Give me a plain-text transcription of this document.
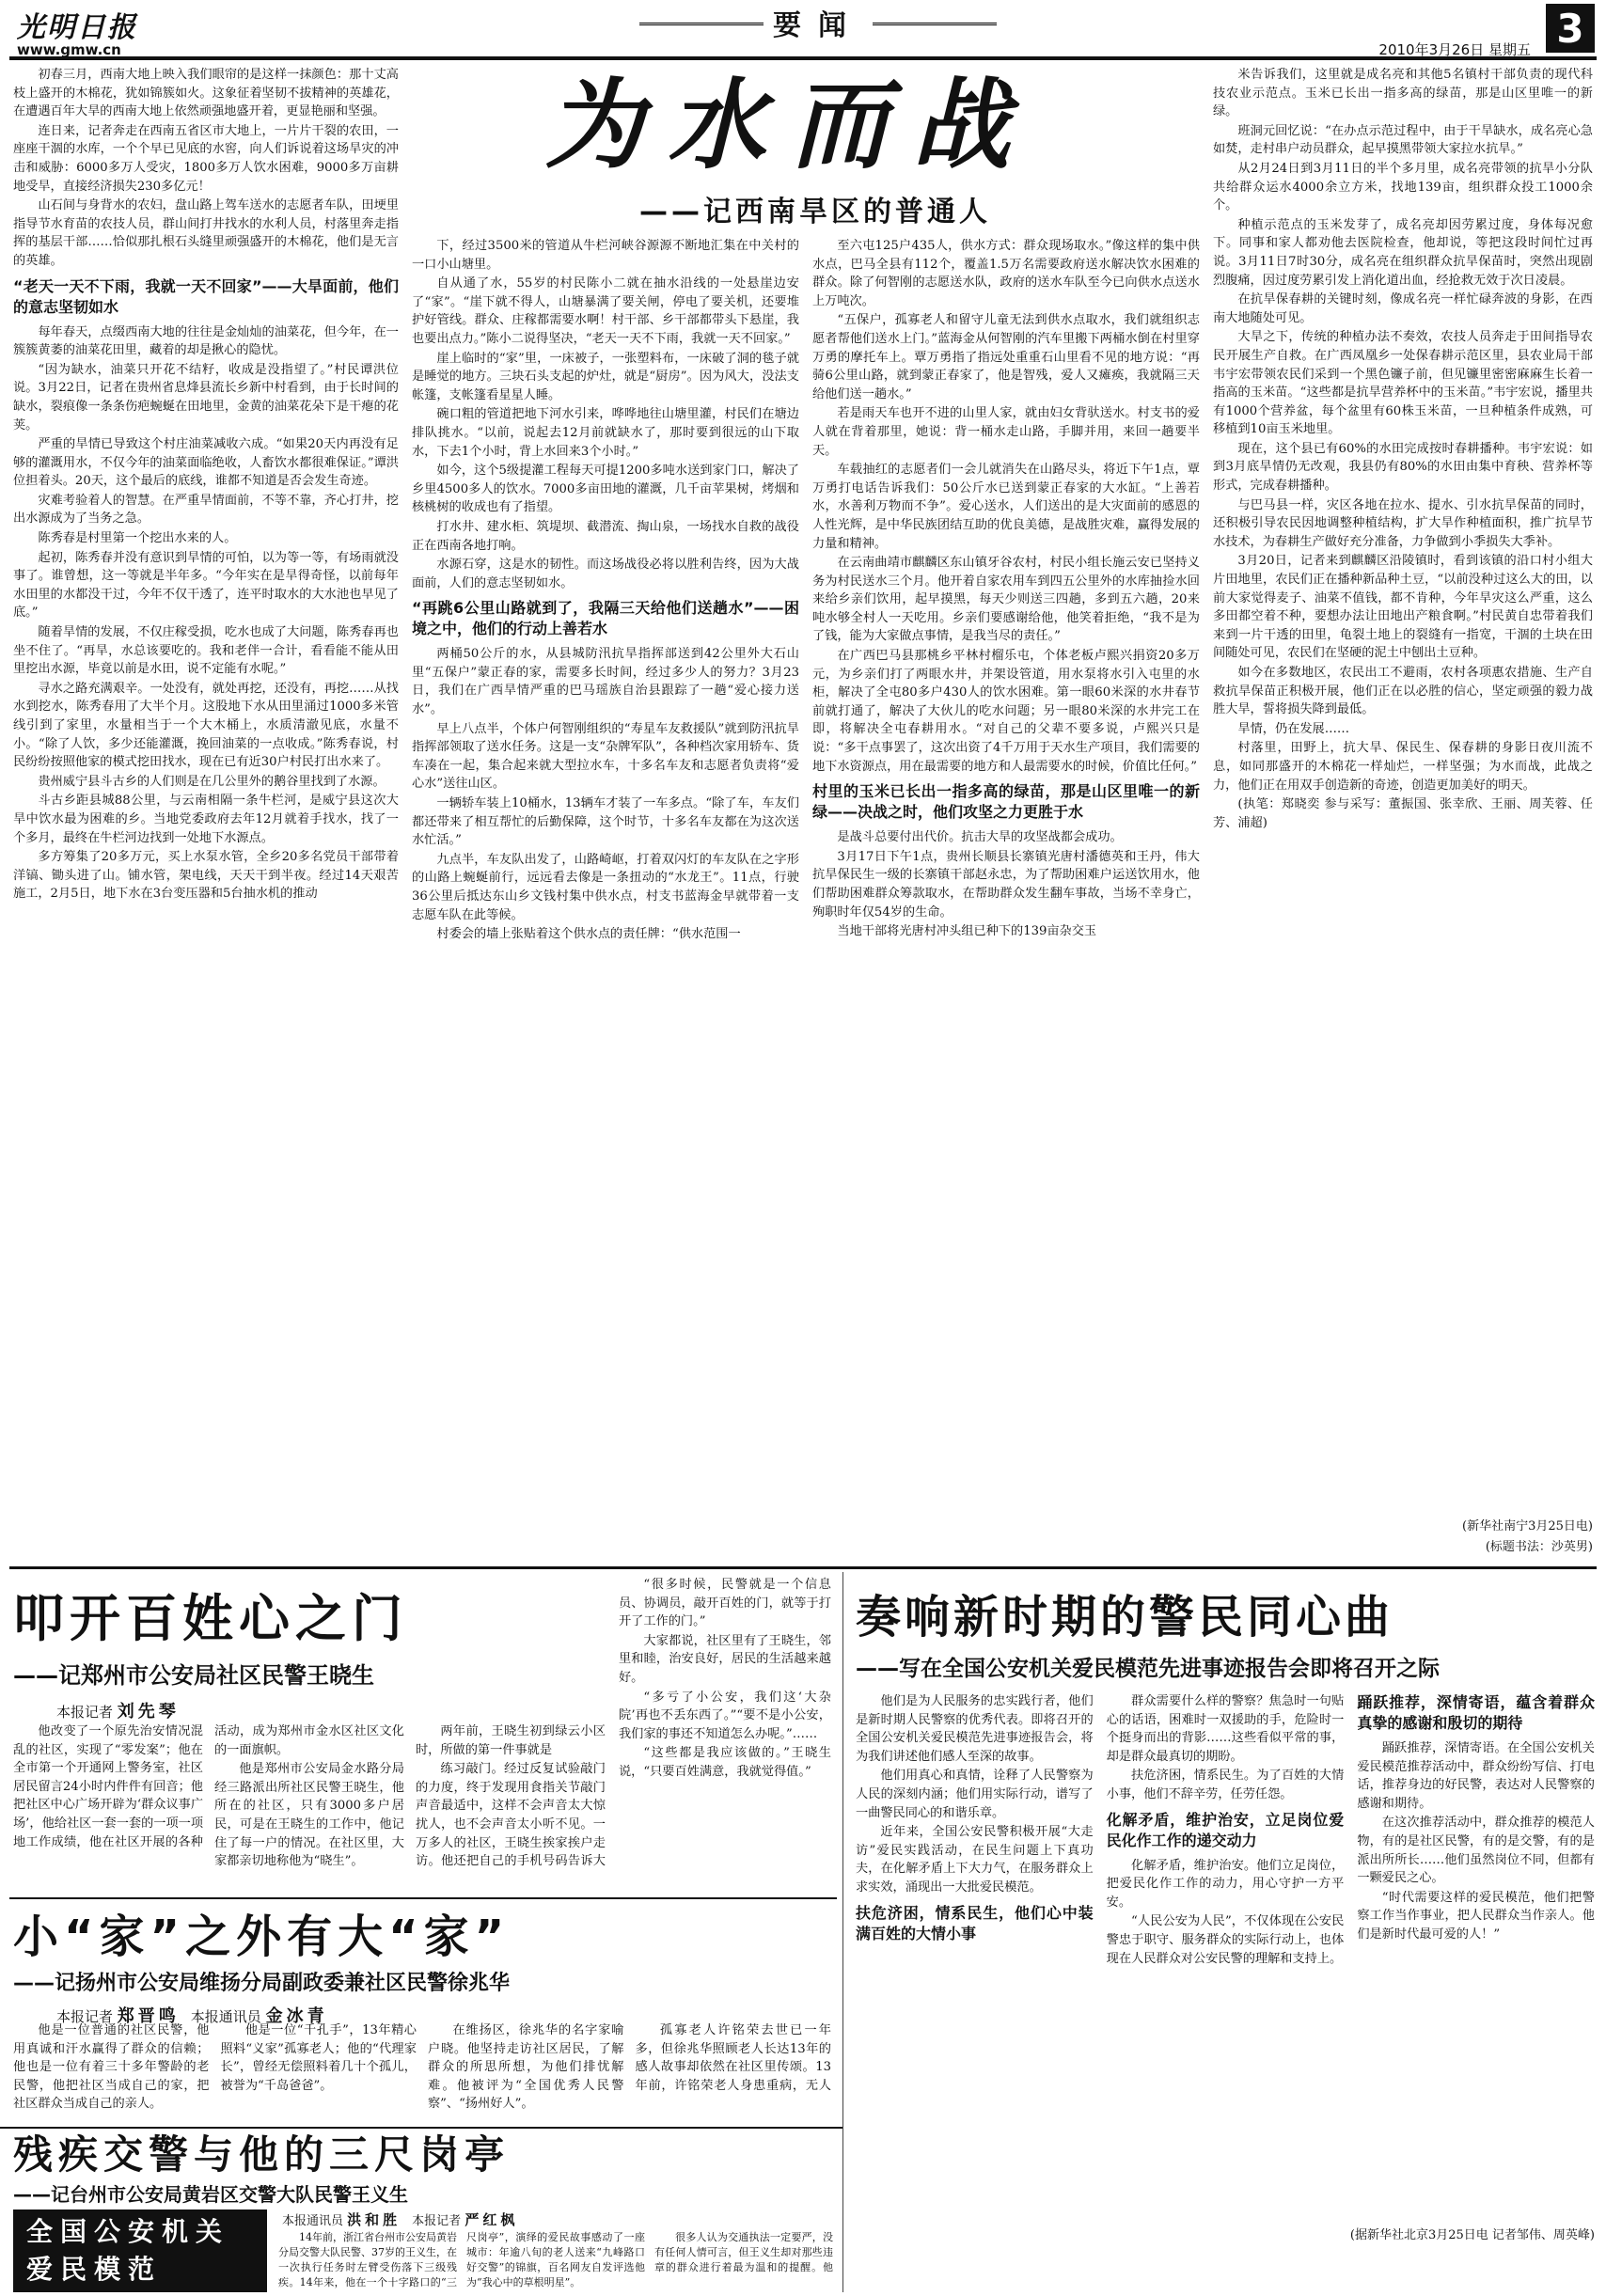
光明日报
www.gmw.cn
要闻
2010年3月26日 星期五 3
为水而战
—— 记西南旱区的普通人

初春三月，西南大地上映入我们眼帘的是这样一抹颜色：那十丈高枝上盛开的木棉花，犹如锦簇如火。这象征着坚韧不拔精神的英雄花，在遭遇百年大旱的西南大地上依然顽强地盛开着，更显艳丽和坚强。

连日来，记者奔走在西南五省区市大地上，一片片干裂的农田，一座座干涸的水库，一个个早已见底的水窖，向人们诉说着这场旱灾的冲击和威胁：6000多万人受灾，1800多万人饮水困难，9000多万亩耕地受旱，直接经济损失230多亿元！

山石间与身背水的农妇，盘山路上驾车送水的志愿者车队，田埂里指导节水育苗的农技人员，群山间打井找水的水利人员，村落里奔走指挥的基层干部……恰似那扎根石头缝里顽强盛开的木棉花，他们是无言的英雄。

“老天一天不下雨，我就一天不回家”——大旱面前，他们的意志坚韧如水

每年春天，点缀西南大地的往往是金灿灿的油菜花，但今年，在一簇簇黄萎的油菜花田里，藏着的却是揪心的隐忧。

“因为缺水，油菜只开花不结籽，收成是没指望了。”村民谭洪位说。3月22日，记者在贵州省息烽县流长乡新中村看到，由于长时间的缺水，裂痕像一条条伤疤蜿蜒在田地里，金黄的油菜花朵下是干瘪的花荚。

严重的旱情已导致这个村庄油菜减收六成。“如果20天内再没有足够的灌溉用水，不仅今年的油菜面临绝收，人畜饮水都很难保证。”谭洪位担着头。20天，这个最后的底线，谁都不知道是否会发生奇迹。

灾难考验着人的智慧。在严重旱情面前，不等不靠，齐心打井，挖出水源成为了当务之急。

陈秀春是村里第一个挖出水来的人。

起初，陈秀春并没有意识到旱情的可怕，以为等一等，有场雨就没事了。谁曾想，这一等就是半年多。“今年实在是旱得奇怪，以前每年水田里的水都没干过，今年不仅干透了，连平时取水的大水池也早见了底。”

随着旱情的发展，不仅庄稼受损，吃水也成了大问题，陈秀春再也坐不住了。“再旱，水总该要吃的。我和老伴一合计，看看能不能从田里挖出水源，毕竟以前是水田，说不定能有水呢。”

寻水之路充满艰辛。一处没有，就处再挖，还没有，再挖……从找水到挖水，陈秀春用了大半个月。这股地下水从田里涌过1000多米管线引到了家里，水量相当于一个大木桶上，水质清澈见底，水量不小。“除了人饮，多少还能灌溉，挽回油菜的一点收成。”陈秀春说，村民纷纷按照他家的模式挖田找水，现在已有近30户村民打出水来了。

贵州威宁县斗古乡的人们则是在几公里外的鹅谷里找到了水源。

斗古乡距县城88公里，与云南相隔一条牛栏河，是威宁县这次大旱中饮水最为困难的乡。当地党委政府去年12月就着手找水，找了一个多月，最终在牛栏河边找到一处地下水源点。

多方筹集了20多万元，买上水泵水管，全乡20多名党员干部带着洋镐、锄头进了山。铺水管，架电线，天天干到半夜。经过14天艰苦施工，2月5日，地下水在3台变压器和5台抽水机的推动

下，经过3500米的管道从牛栏河峡谷源源不断地汇集在中关村的一口小山塘里。

自从通了水，55岁的村民陈小二就在抽水沿线的一处悬崖边安了“家”。“崖下就不得人，山塘暴满了要关闸，停电了要关机，还要堆护好管线。群众、庄稼都需要水啊！村干部、乡干部都带头下悬崖，我也要出点力。”陈小二说得坚决，“老天一天不下雨，我就一天不回家。”

崖上临时的“家”里，一床被子，一张塑料布，一床破了洞的毯子就是睡觉的地方。三块石头支起的炉灶，就是“厨房”。因为风大，没法支帐篷，支帐篷看星星人睡。

碗口粗的管道把地下河水引来，哗哗地往山塘里灌，村民们在塘边排队挑水。“以前，说起去12月前就缺水了，那时要到很远的山下取水，下去1个小时，背上水回来3个小时。”

如今，这个5级提灌工程每天可提1200多吨水送到家门口，解决了乡里4500多人的饮水。7000多亩田地的灌溉，几千亩苹果树，烤烟和核桃树的收成也有了指望。

打水井、建水柜、筑堤坝、截潜流、掏山泉，一场找水自救的战役正在西南各地打响。

水源石穿，这是水的韧性。而这场战役必将以胜利告终，因为大战面前，人们的意志坚韧如水。

“再跳6公里山路就到了，我隔三天给他们送趟水”——困境之中，他们的行动上善若水

两桶50公斤的水，从县城防汛抗旱指挥部送到42公里外大石山里“五保户”蒙正春的家，需要多长时间，经过多少人的努力？3月23日，我们在广西旱情严重的巴马瑶族自治县跟踪了一趟“爱心接力送水”。

早上八点半，个体户何智刚组织的“寿星车友救援队”就到防汛抗旱指挥部领取了送水任务。这是一支“杂牌军队”，各种档次家用轿车、货车凑在一起，集合起来就大型拉水车，十多名车友和志愿者负责将“爱心水”送往山区。

一辆轿车装上10桶水，13辆车才装了一车多点。“除了车，车友们都还带来了相互帮忙的后勤保障，这个时节，十多名车友都在为这次送水忙活。”

九点半，车友队出发了，山路崎岖，打着双闪灯的车友队在之字形的山路上蜿蜒前行，远远看去像是一条扭动的“水龙王”。11点，行驶36公里后抵达东山乡文钱村集中供水点，村支书蓝海金早就带着一支志愿车队在此等候。

村委会的墙上张贴着这个供水点的责任牌：“供水范围一

至六屯125户435人，供水方式：群众现场取水。”像这样的集中供水点，巴马全县有112个，覆盖1.5万名需要政府送水解决饮水困难的群众。除了何智刚的志愿送水队，政府的送水车队至今已向供水点送水上万吨次。

“五保户，孤寡老人和留守儿童无法到供水点取水，我们就组织志愿者帮他们送水上门。”蓝海金从何智刚的汽车里搬下两桶水倒在村里穿万勇的摩托车上。覃万勇指了指远处重重石山里看不见的地方说：“再骑6公里山路，就到蒙正春家了，他是智残，爱人又瘫痪，我就隔三天给他们送一趟水。”

若是雨天车也开不进的山里人家，就由妇女背驮送水。村支书的爱人就在背着那里，她说：背一桶水走山路，手脚并用，来回一趟要半天。

车载抽红的志愿者们一会儿就消失在山路尽头，将近下午1点，覃万勇打电话告诉我们：50公斤水已送到蒙正春家的大水缸。“上善若水，水善利万物而不争”。爱心送水，人们送出的是大灾面前的感恩的人性光辉，是中华民族团结互助的优良美德，是战胜灾难，赢得发展的力量和精神。

在云南曲靖市麒麟区东山镇牙谷农村，村民小组长施云安已坚持义务为村民送水三个月。他开着自家农用车到四五公里外的水库抽捡水回来给乡亲们饮用，起早摸黑，每天少则送三四趟，多到五六趟，20来吨水够全村人一天吃用。乡亲们要感谢给他，他笑着拒绝，“我不是为了钱，能为大家做点事情，是我当尽的责任。”

在广西巴马县那桃乡平林村榴乐屯，个体老板卢熙兴捐资20多万元，为乡亲们打了两眼水井，并架设管道，用水泵将水引入屯里的水柜，解决了全屯80多户430人的饮水困难。第一眼60米深的水井春节前就打通了，解决了大伙儿的吃水问题；另一眼80米深的水井完工在即，将解决全屯春耕用水。“对自己的父辈不要多说，卢熙兴只是说：“多干点事罢了，这次出资了4千万用于天水生产项目，我们需要的地下水资源点，用在最需要的地方和人最需要水的时候，价值比任何。”

村里的玉米已长出一指多高的绿苗，那是山区里唯一的新绿——决战之时，他们攻坚之力更胜于水

是战斗总要付出代价。抗击大旱的攻坚战都会成功。

3月17日下午1点，贵州长顺县长寨镇光唐村潘德英和王丹，伟大抗旱保民生一级的长寨镇干部赵永忠，为了帮助困难户运送饮用水，他们帮助困难群众筹款取水，在帮助群众发生翻车事故，当场不幸身亡，殉职时年仅54岁的生命。

当地干部将光唐村冲头组已种下的139亩杂交玉

米告诉我们，这里就是成名亮和其他5名镇村干部负责的现代科技农业示范点。玉米已长出一指多高的绿苗，那是山区里唯一的新绿。

班洞元回忆说：“在办点示范过程中，由于干旱缺水，成名亮心急如焚，走村串户动员群众，起早摸黑带领大家拉水抗旱。”

从2月24日到3月11日的半个多月里，成名亮带领的抗旱小分队共给群众运水4000余立方米，找地139亩，组织群众投工1000余个。

种植示范点的玉米发芽了，成名亮却因劳累过度，身体每况愈下。同事和家人都劝他去医院检查，他却说，等把这段时间忙过再说。3月11日7时30分，成名亮在组织群众抗旱保苗时，突然出现剧烈腹痛，因过度劳累引发上消化道出血，经抢救无效于次日凌晨。

在抗旱保春耕的关键时刻，像成名亮一样忙碌奔波的身影，在西南大地随处可见。

大旱之下，传统的种植办法不奏效，农技人员奔走于田间指导农民开展生产自救。在广西凤凰乡一处保春耕示范区里，县农业局干部韦宇宏带领农民们采到一个黑色镰子前，但见镰里密密麻麻生长着一指高的玉米苗。“这些都是抗旱营养杯中的玉米苗。”韦宇宏说，播里共有1000个营养盆，每个盆里有60株玉米苗，一旦种植条件成熟，可移植到10亩玉米地里。

现在，这个县已有60%的水田完成按时春耕播种。韦宇宏说：如到3月底旱情仍无改观，我县仍有80%的水田由集中育秧、营养杯等形式，完成春耕播种。

与巴马县一样，灾区各地在拉水、提水、引水抗旱保苗的同时，还积极引导农民因地调整种植结构，扩大旱作种植面积，推广抗旱节水技术，为春耕生产做好充分准备，力争做到小季损失大季补。

3月20日，记者来到麒麟区沿陵镇时，看到该镇的沿口村小组大片田地里，农民们正在播种新品种土豆，“以前没种过这么大的田，以前大家觉得麦子、油菜不值钱，都不肯种，今年旱灾这么严重，这么多田都空着不种，要想办法让田地出产粮食啊。”村民黄自忠带着我们来到一片干透的田里，龟裂土地上的裂缝有一指宽，干涸的土块在田间随处可见，农民们在坚硬的泥土中刨出土豆种。

如今在多数地区，农民出工不避雨，农村各项惠农措施、生产自救抗旱保苗正积极开展，他们正在以必胜的信心，坚定顽强的毅力战胜大旱，誓将损失降到最低。

旱情，仍在发展……

村落里，田野上，抗大旱、保民生、保春耕的身影日夜川流不息，如同那盛开的木棉花一样灿烂，一样坚强；为水而战，此战之力，他们正在用双手创造新的奇迹，创造更加美好的明天。

(执笔：郑晓奕 参与采写：董振国、张幸欣、王丽、周芙蓉、任芳、浦超)

(新华社南宁3月25日电)
(标题书法：沙英男)
叩开百姓心之门
——记郑州市公安局社区民警王晓生
本报记者 刘先琴

他改变了一个原先治安情况混乱的社区，实现了“零发案”；他在全市第一个开通网上警务室，社区居民留言24小时内件件有回音；他把社区中心广场开辟为‘群众议事广场’，他给社区一套一套的一项一项地工作成绩，他在社区开展的各种活动，成为郑州市金水区社区文化的一面旗帜。

他是郑州市公安局金水路分局经三路派出所社区民警王晓生，他所在的社区，只有3000多户居民，可是在王晓生的工作中，他记住了每一户的情况。在社区里，大家都亲切地称他为“晓生”。

两年前，王晓生初到绿云小区时，所做的第一件事就是

练习敲门。经过反复试验敲门的力度，终于发现用食指关节敲门声音最适中，这样不会声音太大惊扰人，也不会声音太小听不见。一万多人的社区，王晓生挨家挨户走访。他还把自己的手机号码告诉大

“很多时候，民警就是一个信息员、协调员，敲开百姓的门，就等于打开了工作的门。”

大家都说，社区里有了王晓生，邻里和睦，治安良好，居民的生活越来越好。

“多亏了小公安，我们这‘大杂院’再也不丢东西了。”“要不是小公安，我们家的事还不知道怎么办呢。”……

“这些都是我应该做的。”王晓生说，“只要百姓满意，我就觉得值。”

小“家”之外有大“家”
——记扬州市公安局维扬分局副政委兼社区民警徐兆华
本报记者 郑晋鸣 本报通讯员 金冰青
奏响新时期的警民同心曲
——写在全国公安机关爱民模范先进事迹报告会即将召开之际

他们是为人民服务的忠实践行者，他们是新时期人民警察的优秀代表。即将召开的全国公安机关爱民模范先进事迹报告会，将为我们讲述他们感人至深的故事。

他们用真心和真情，诠释了人民警察为人民的深刻内涵；他们用实际行动，谱写了一曲警民同心的和谐乐章。

近年来，全国公安民警积极开展“大走访”爱民实践活动，在民生问题上下真功夫，在化解矛盾上下大力气，在服务群众上求实效，涌现出一大批爱民模范。

扶危济困，情系民生，他们心中装满百姓的大情小事

群众需要什么样的警察？焦急时一句贴心的话语，困难时一双援助的手，危险时一个挺身而出的背影……这些看似平常的事，却是群众最真切的期盼。

扶危济困，情系民生。为了百姓的大情小事，他们不辞辛劳，任劳任怨。

化解矛盾，维护治安，立足岗位爱民化作工作的递交动力

化解矛盾，维护治安。他们立足岗位，把爱民化作工作的动力，用心守护一方平安。

“人民公安为人民”，不仅体现在公安民警忠于职守、服务群众的实际行动上，也体现在人民群众对公安民警的理解和支持上。

踊跃推荐，深情寄语，蕴含着群众真挚的感谢和殷切的期待

踊跃推荐，深情寄语。在全国公安机关爱民模范推荐活动中，群众纷纷写信、打电话，推荐身边的好民警，表达对人民警察的感谢和期待。

在这次推荐活动中，群众推荐的模范人物，有的是社区民警，有的是交警，有的是派出所所长……他们虽然岗位不同，但都有一颗爱民之心。

“时代需要这样的爱民模范，他们把警察工作当作事业，把人民群众当作亲人。他们是新时代最可爱的人！”

(据新华社北京3月25日电 记者邹伟、周英峰)

他是一位普通的社区民警，他用真诚和汗水赢得了群众的信赖；他也是一位有着三十多年警龄的老民警，他把社区当成自己的家，把社区群众当成自己的亲人。

他是一位“千孔手”，13年精心照料“义家”孤寡老人；他的“代理家长”，曾经无偿照料着几十个孤儿，被誉为“千岛爸爸”。

在维扬区，徐兆华的名字家喻户晓。他坚持走访社区居民，了解群众的所思所想，为他们排忧解难。他被评为“全国优秀人民警察”、“扬州好人”。

孤寡老人许铭荣去世已一年多，但徐兆华照顾老人长达13年的感人故事却依然在社区里传颂。13年前，许铭荣老人身患重病，无人

残疾交警与他的三尺岗亭
——记台州市公安局黄岩区交警大队民警王义生
本报通讯员 洪和胜 本报记者 严红枫

14年前，浙江省台州市公安局黄岩分局交警大队民警、37岁的王义生，在一次执行任务时左臂受伤落下三级残疾。14年来，他在一个十字路口的“三尺岗亭”，演绎的爱民故事感动了一座城市：年逾八旬的老人送来“九峰路口好交警”的锦旗，百名网友自发评选他为“我心中的草根明星”。

很多人认为交通执法一定要严，没有任何人情可言，但王义生却对那些违章的群众进行着最为温和的提醒。他

全国公安机关
爱民模范
